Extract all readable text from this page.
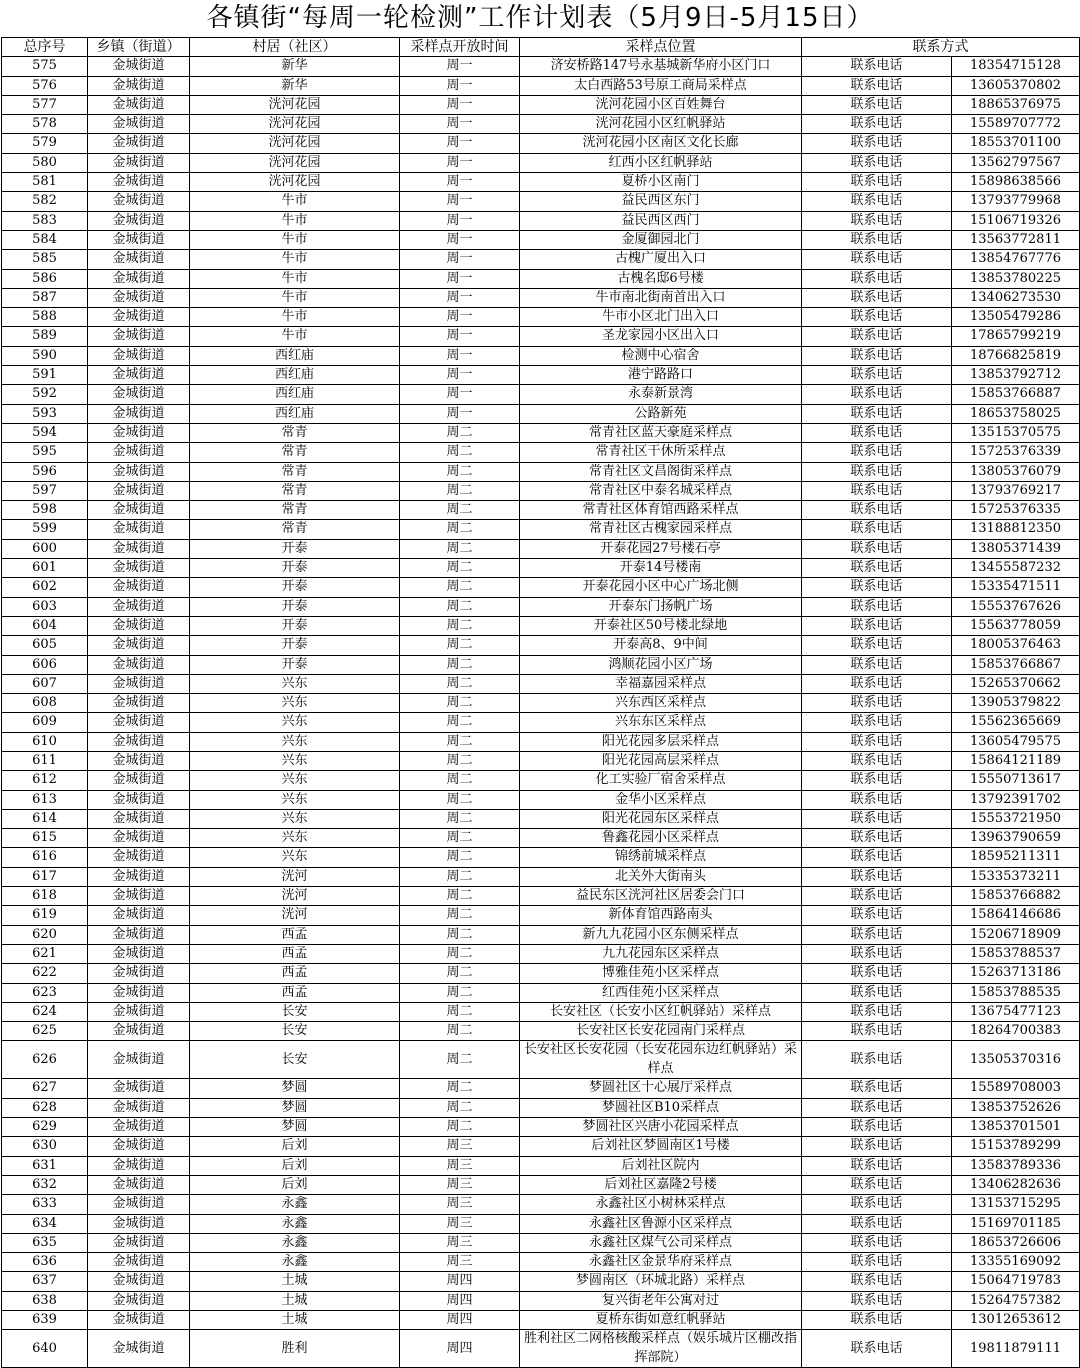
各镇街“每周一轮检测”工作计划表（5月9日-5月15日）
总序号	乡镇（街道）	村居（社区）	采样点开放时间	采样点位置	联系方式	
575	金城街道	新华	周一	济安桥路147号永基城新华府小区门口	联系电话	18354715128
576	金城街道	新华	周一	太白西路53号原工商局采样点	联系电话	13605370802
577	金城街道	洸河花园	周一	洸河花园小区百姓舞台	联系电话	18865376975
578	金城街道	洸河花园	周一	洸河花园小区红帆驿站	联系电话	15589707772
579	金城街道	洸河花园	周一	洸河花园小区南区文化长廊	联系电话	18553701100
580	金城街道	洸河花园	周一	红西小区红帆驿站	联系电话	13562797567
581	金城街道	洸河花园	周一	夏桥小区南门	联系电话	15898638566
582	金城街道	牛市	周一	益民西区东门	联系电话	13793779968
583	金城街道	牛市	周一	益民西区西门	联系电话	15106719326
584	金城街道	牛市	周一	金厦御园北门	联系电话	13563772811
585	金城街道	牛市	周一	古槐广厦出入口	联系电话	13854767776
586	金城街道	牛市	周一	古槐名邸6号楼	联系电话	13853780225
587	金城街道	牛市	周一	牛市南北街南首出入口	联系电话	13406273530
588	金城街道	牛市	周一	牛市小区北门出入口	联系电话	13505479286
589	金城街道	牛市	周一	圣龙家园小区出入口	联系电话	17865799219
590	金城街道	西红庙	周一	检测中心宿舍	联系电话	18766825819
591	金城街道	西红庙	周一	港宁路路口	联系电话	13853792712
592	金城街道	西红庙	周一	永泰新景湾	联系电话	15853766887
593	金城街道	西红庙	周一	公路新苑	联系电话	18653758025
594	金城街道	常青	周二	常青社区蓝天豪庭采样点	联系电话	13515370575
595	金城街道	常青	周二	常青社区干休所采样点	联系电话	15725376339
596	金城街道	常青	周二	常青社区文昌阁街采样点	联系电话	13805376079
597	金城街道	常青	周二	常青社区中泰名城采样点	联系电话	13793769217
598	金城街道	常青	周二	常青社区体育馆西路采样点	联系电话	15725376335
599	金城街道	常青	周二	常青社区古槐家园采样点	联系电话	13188812350
600	金城街道	开泰	周二	开泰花园27号楼石亭	联系电话	13805371439
601	金城街道	开泰	周二	开泰14号楼南	联系电话	13455587232
602	金城街道	开泰	周二	开泰花园小区中心广场北侧	联系电话	15335471511
603	金城街道	开泰	周二	开泰东门扬帆广场	联系电话	15553767626
604	金城街道	开泰	周二	开泰社区50号楼北绿地	联系电话	15563778059
605	金城街道	开泰	周二	开泰高8、9中间	联系电话	18005376463
606	金城街道	开泰	周二	鸿顺花园小区广场	联系电话	15853766867
607	金城街道	兴东	周二	幸福嘉园采样点	联系电话	15265370662
608	金城街道	兴东	周二	兴东西区采样点	联系电话	13905379822
609	金城街道	兴东	周二	兴东东区采样点	联系电话	15562365669
610	金城街道	兴东	周二	阳光花园多层采样点	联系电话	13605479575
611	金城街道	兴东	周二	阳光花园高层采样点	联系电话	15864121189
612	金城街道	兴东	周二	化工实验厂宿舍采样点	联系电话	15550713617
613	金城街道	兴东	周二	金华小区采样点	联系电话	13792391702
614	金城街道	兴东	周二	阳光花园东区采样点	联系电话	15553721950
615	金城街道	兴东	周二	鲁鑫花园小区采样点	联系电话	13963790659
616	金城街道	兴东	周二	锦绣前城采样点	联系电话	18595211311
617	金城街道	洸河	周二	北关外大街南头	联系电话	15335373211
618	金城街道	洸河	周二	益民东区洸河社区居委会门口	联系电话	15853766882
619	金城街道	洸河	周二	新体育馆西路南头	联系电话	15864146686
620	金城街道	西孟	周二	新九九花园小区东侧采样点	联系电话	15206718909
621	金城街道	西孟	周二	九九花园东区采样点	联系电话	15853788537
622	金城街道	西孟	周二	博雅佳苑小区采样点	联系电话	15263713186
623	金城街道	西孟	周二	红西佳苑小区采样点	联系电话	15853788535
624	金城街道	长安	周二	长安社区（长安小区红帆驿站）采样点	联系电话	13675477123
625	金城街道	长安	周二	长安社区长安花园南门采样点	联系电话	18264700383
626	金城街道	长安	周二	长安社区长安花园（长安花园东边红帆驿站）采样点	联系电话	13505370316
627	金城街道	梦圆	周二	梦圆社区十心展厅采样点	联系电话	15589708003
628	金城街道	梦圆	周二	梦圆社区B10采样点	联系电话	13853752626
629	金城街道	梦圆	周二	梦圆社区兴唐小花园采样点	联系电话	13853701501
630	金城街道	后刘	周三	后刘社区梦圆南区1号楼	联系电话	15153789299
631	金城街道	后刘	周三	后刘社区院内	联系电话	13583789336
632	金城街道	后刘	周三	后刘社区嘉隆2号楼	联系电话	13406282636
633	金城街道	永鑫	周三	永鑫社区小树林采样点	联系电话	13153715295
634	金城街道	永鑫	周三	永鑫社区鲁源小区采样点	联系电话	15169701185
635	金城街道	永鑫	周三	永鑫社区煤气公司采样点	联系电话	18653726606
636	金城街道	永鑫	周三	永鑫社区金景华府采样点	联系电话	13355169092
637	金城街道	土城	周四	梦圆南区（环城北路）采样点	联系电话	15064719783
638	金城街道	土城	周四	复兴街老年公寓对过	联系电话	15264757382
639	金城街道	土城	周四	夏桥东街如意红帆驿站	联系电话	13012653612
640	金城街道	胜利	周四	胜利社区二网格核酸采样点（娱乐城片区棚改指挥部院）	联系电话	19811879111
